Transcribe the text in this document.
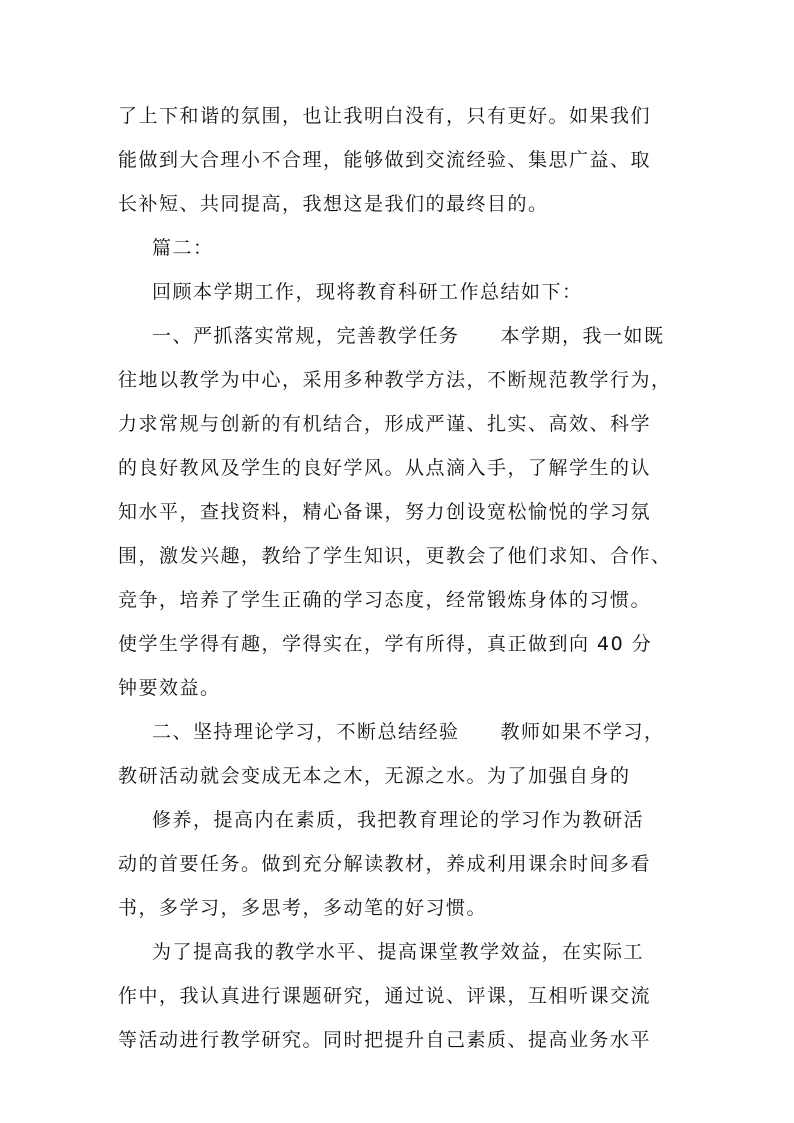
了上下和谐的氛围，也让我明白没有，只有更好。如果我们
能做到大合理小不合理，能够做到交流经验、集思广益、取
长补短、共同提高，我想这是我们的最终目的。
篇二：
回顾本学期工作，现将教育科研工作总结如下：
一、严抓落实常规，完善教学任务　　本学期，我一如既
往地以教学为中心，采用多种教学方法，不断规范教学行为，
力求常规与创新的有机结合，形成严谨、扎实、高效、科学
的良好教风及学生的良好学风。从点滴入手，了解学生的认
知水平，查找资料，精心备课，努力创设宽松愉悦的学习氛
围，激发兴趣，教给了学生知识，更教会了他们求知、合作、
竞争，培养了学生正确的学习态度，经常锻炼身体的习惯。
使学生学得有趣，学得实在，学有所得，真正做到向 40 分
钟要效益。
二、坚持理论学习，不断总结经验　　教师如果不学习，
教研活动就会变成无本之木，无源之水。为了加强自身的
修养，提高内在素质，我把教育理论的学习作为教研活
动的首要任务。做到充分解读教材，养成利用课余时间多看
书，多学习，多思考，多动笔的好习惯。
为了提高我的教学水平、提高课堂教学效益，在实际工
作中，我认真进行课题研究，通过说、评课，互相听课交流
等活动进行教学研究。同时把提升自己素质、提高业务水平
